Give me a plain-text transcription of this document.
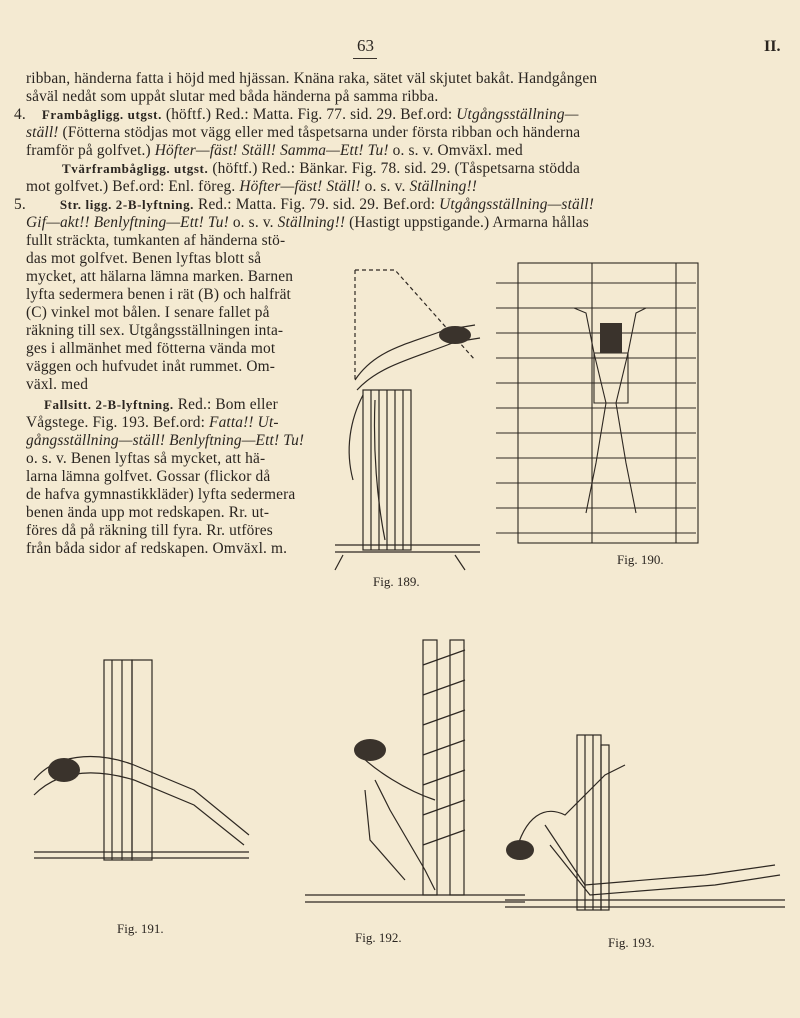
63	II.
ribban, händerna fatta i höjd med hjässan. Knäna raka, sätet väl skjutet bakåt. Handgången
såväl nedåt som uppåt slutar med båda händerna på samma ribba.
4. Frambågligg. utgst. (höftf.) Red.: Matta. Fig. 77. sid. 29. Bef.ord: Utgångsställning—
ställ! (Fötterna stödjas mot vägg eller med tåspetsarna under första ribban och händerna
framför på golfvet.) Höfter—fäst! Ställ! Samma—Ett! Tu! o. s. v. Omväxl. med
Tvärframbågligg. utgst. (höftf.) Red.: Bänkar. Fig. 78. sid. 29. (Tåspetsarna stödda
mot golfvet.) Bef.ord: Enl. föreg. Höfter—fäst! Ställ! o. s. v. Ställning!!
5.	Str. ligg. 2-B-lyftning. Red.: Matta. Fig. 79. sid. 29. Bef.ord: Utgångsställning—ställ!
Gif—akt!! Benlyftning—Ett! Tu! o. s. v. Ställning!! (Hastigt uppstigande.) Armarna hållas
fullt sträckta, tumkanten af händerna stö-
das mot golfvet. Benen lyftas blott så
mycket, att hälarna lämna marken. Barnen
lyfta sedermera benen i rät (B) och halfrät
(C) vinkel mot bålen. I senare fallet på
räkning till sex. Utgångsställningen inta-
ges i allmänhet med fötterna vända mot
väggen och hufvudet inåt rummet. Om-
växl. med
Fallsitt. 2-B-lyftning. Red.: Bom eller
Vågstege. Fig. 193. Bef.ord: Fatta!! Ut-
gångsställning—ställ! Benlyftning—Ett! Tu!
o. s. v. Benen lyftas så mycket, att hä-
larna lämna golfvet. Gossar (flickor då
de hafva gymnastikkläder) lyfta sedermera
benen ända upp mot redskapen. Rr. ut-
föres då på räkning till fyra. Rr. utföres
från båda sidor af redskapen. Omväxl. m.
Fig. 189.
Fig. 190.
Fig. 191.
Fig. 192.	Fig. 193.
